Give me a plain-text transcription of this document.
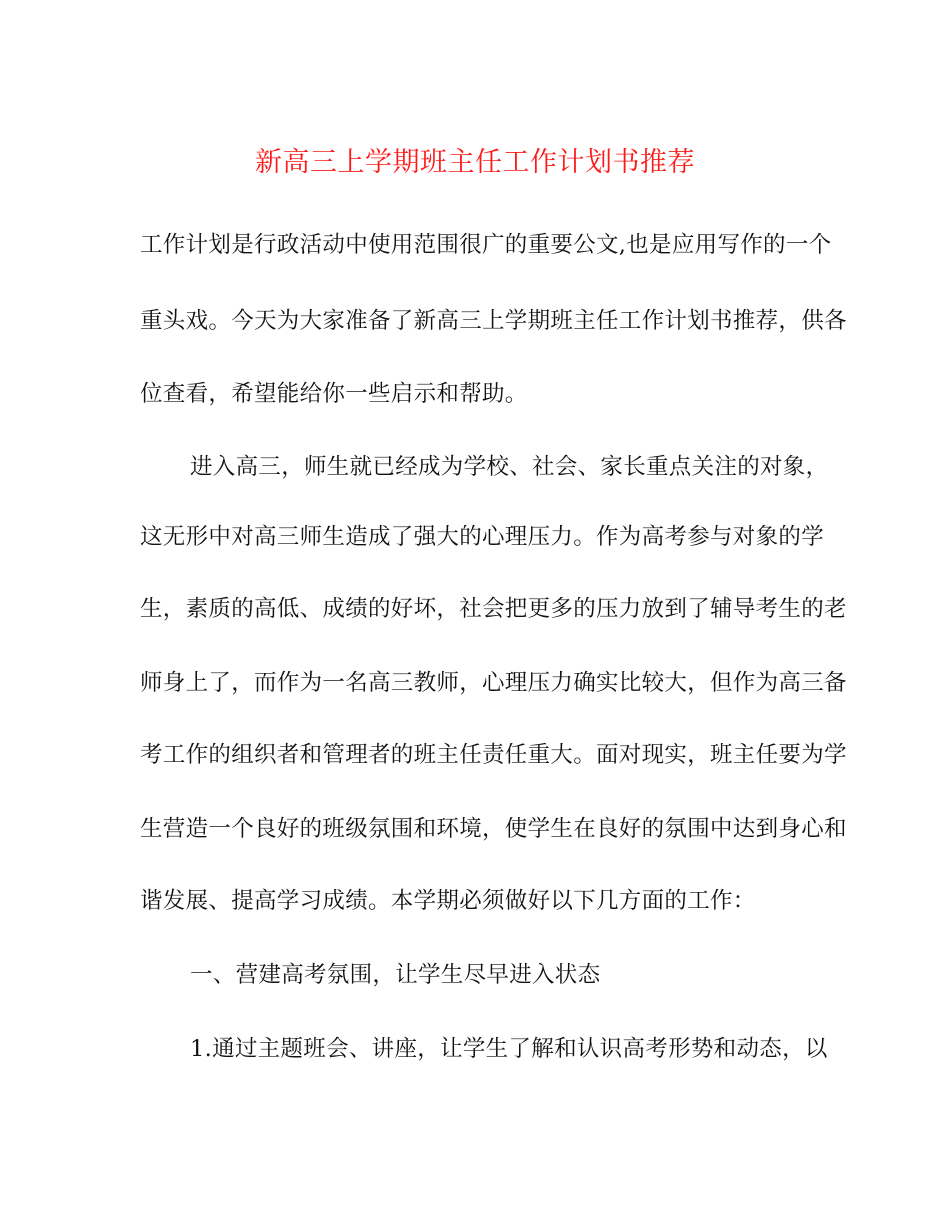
新高三上学期班主任工作计划书推荐
工作计划是行政活动中使用范围很广的重要公文,也是应用写作的一个
重头戏。今天为大家准备了新高三上学期班主任工作计划书推荐，供各
位查看，希望能给你一些启示和帮助。
进入高三，师生就已经成为学校、社会、家长重点关注的对象，
这无形中对高三师生造成了强大的心理压力。作为高考参与对象的学
生，素质的高低、成绩的好坏，社会把更多的压力放到了辅导考生的老
师身上了，而作为一名高三教师，心理压力确实比较大，但作为高三备
考工作的组织者和管理者的班主任责任重大。面对现实，班主任要为学
生营造一个良好的班级氛围和环境，使学生在良好的氛围中达到身心和
谐发展、提高学习成绩。本学期必须做好以下几方面的工作：
一、营建高考氛围，让学生尽早进入状态
1.通过主题班会、讲座，让学生了解和认识高考形势和动态，以
